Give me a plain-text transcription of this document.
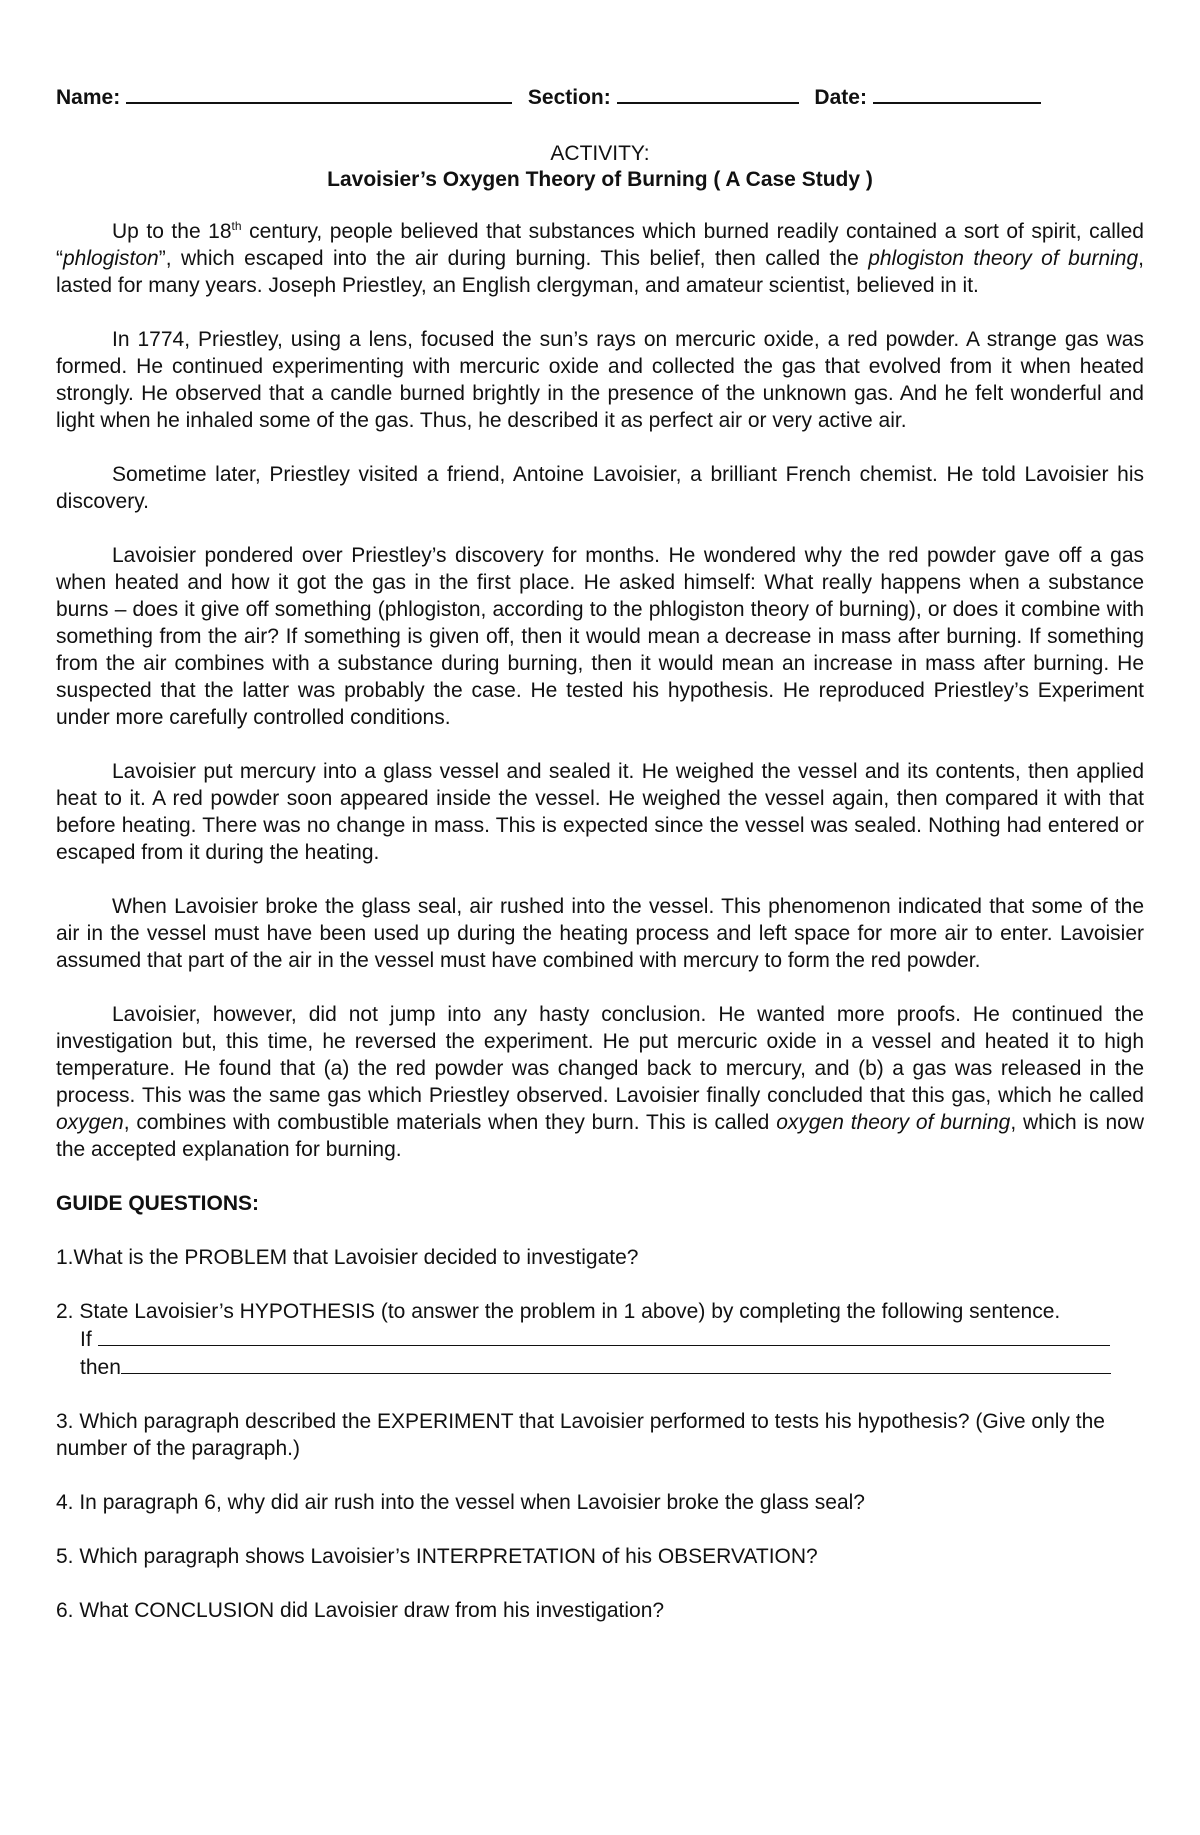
Name:	Section:	Date:
ACTIVITY:
Lavoisier’s Oxygen Theory of Burning ( A Case Study )

Up to the 18th century, people believed that substances which burned readily contained a sort of spirit, called “phlogiston”, which escaped into the air during burning. This belief, then called the phlogiston theory of burning, lasted for many years. Joseph Priestley, an English clergyman, and amateur scientist, believed in it.

In 1774, Priestley, using a lens, focused the sun’s rays on mercuric oxide, a red powder. A strange gas was formed. He continued experimenting with mercuric oxide and collected the gas that evolved from it when heated strongly. He observed that a candle burned brightly in the presence of the unknown gas. And he felt wonderful and light when he inhaled some of the gas. Thus, he described it as perfect air or very active air.

Sometime later, Priestley visited a friend, Antoine Lavoisier, a brilliant French chemist. He told Lavoisier his discovery.

Lavoisier pondered over Priestley’s discovery for months. He wondered why the red powder gave off a gas when heated and how it got the gas in the first place. He asked himself: What really happens when a substance burns – does it give off something (phlogiston, according to the phlogiston theory of burning), or does it combine with something from the air? If something is given off, then it would mean a decrease in mass after burning. If something from the air combines with a substance during burning, then it would mean an increase in mass after burning. He suspected that the latter was probably the case. He tested his hypothesis. He reproduced Priestley’s Experiment under more carefully controlled conditions.

Lavoisier put mercury into a glass vessel and sealed it. He weighed the vessel and its contents, then applied heat to it. A red powder soon appeared inside the vessel. He weighed the vessel again, then compared it with that before heating. There was no change in mass. This is expected since the vessel was sealed. Nothing had entered or escaped from it during the heating.

When Lavoisier broke the glass seal, air rushed into the vessel. This phenomenon indicated that some of the air in the vessel must have been used up during the heating process and left space for more air to enter. Lavoisier assumed that part of the air in the vessel must have combined with mercury to form the red powder.

Lavoisier, however, did not jump into any hasty conclusion. He wanted more proofs. He continued the investigation but, this time, he reversed the experiment. He put mercuric oxide in a vessel and heated it to high temperature. He found that (a) the red powder was changed back to mercury, and (b) a gas was released in the process. This was the same gas which Priestley observed. Lavoisier finally concluded that this gas, which he called oxygen, combines with combustible materials when they burn. This is called oxygen theory of burning, which is now the accepted explanation for burning.

GUIDE QUESTIONS:
1.What is the PROBLEM that Lavoisier decided to investigate?
2. State Lavoisier’s HYPOTHESIS (to answer the problem in 1 above) by completing the following sentence.
If
then
3. Which paragraph described the EXPERIMENT that Lavoisier performed to tests his hypothesis? (Give only the number of the paragraph.)
4. In paragraph 6, why did air rush into the vessel when Lavoisier broke the glass seal?
5. Which paragraph shows Lavoisier’s INTERPRETATION of his OBSERVATION?
6. What CONCLUSION did Lavoisier draw from his investigation?
